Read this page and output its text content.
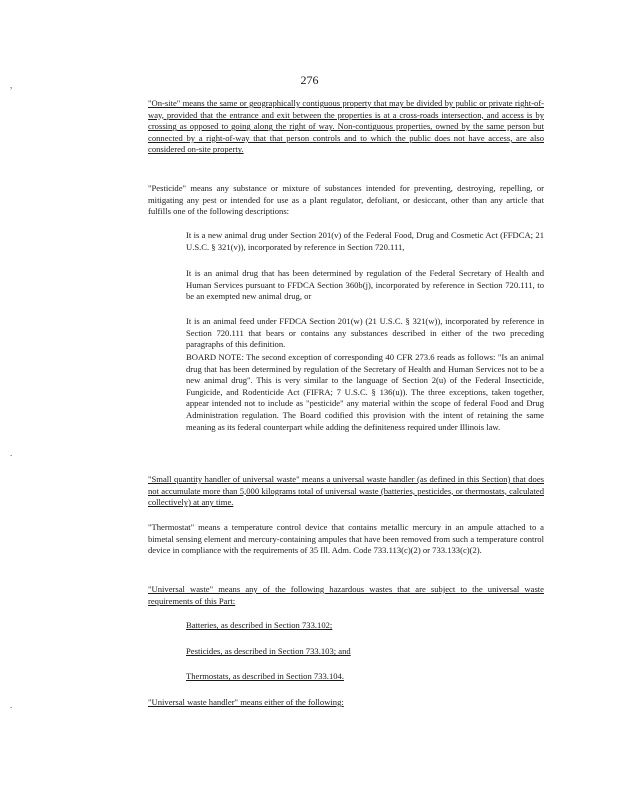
276
,
.
.
"On-site" means the same or geographically contiguous property that may be divided by public or private right-of-way, provided that the entrance and exit between the properties is at a cross-roads intersection, and access is by crossing as opposed to going along the right of way. Non-contiguous properties, owned by the same person but connected by a right-of-way that that person controls and to which the public does not have access, are also considered on-site property.
"Pesticide" means any substance or mixture of substances intended for preventing, destroying, repelling, or mitigating any pest or intended for use as a plant regulator, defoliant, or desiccant, other than any article that fulfills one of the following descriptions:
It is a new animal drug under Section 201(v) of the Federal Food, Drug and Cosmetic Act (FFDCA; 21 U.S.C. § 321(v)), incorporated by reference in Section 720.111,
It is an animal drug that has been determined by regulation of the Federal Secretary of Health and Human Services pursuant to FFDCA Section 360b(j), incorporated by reference in Section 720.111, to be an exempted new animal drug, or
It is an animal feed under FFDCA Section 201(w) (21 U.S.C. § 321(w)), incorporated by reference in Section 720.111 that bears or contains any substances described in either of the two preceding paragraphs of this definition.
BOARD NOTE: The second exception of corresponding 40 CFR 273.6 reads as follows: "Is an animal drug that has been determined by regulation of the Secretary of Health and Human Services not to be a new animal drug". This is very similar to the language of Section 2(u) of the Federal Insecticide, Fungicide, and Rodenticide Act (FIFRA; 7 U.S.C. § 136(u)). The three exceptions, taken together, appear intended not to include as "pesticide" any material within the scope of federal Food and Drug Administration regulation. The Board codified this provision with the intent of retaining the same meaning as its federal counterpart while adding the definiteness required under Illinois law.
"Small quantity handler of universal waste" means a universal waste handler (as defined in this Section) that does not accumulate more than 5,000 kilograms total of universal waste (batteries, pesticides, or thermostats, calculated collectively) at any time.
"Thermostat" means a temperature control device that contains metallic mercury in an ampule attached to a bimetal sensing element and mercury-containing ampules that have been removed from such a temperature control device in compliance with the requirements of 35 Ill. Adm. Code 733.113(c)(2) or 733.133(c)(2).
"Universal waste" means any of the following hazardous wastes that are subject to the universal waste requirements of this Part:
Batteries, as described in Section 733.102;
Pesticides, as described in Section 733.103; and
Thermostats, as described in Section 733.104.
"Universal waste handler" means either of the following:
